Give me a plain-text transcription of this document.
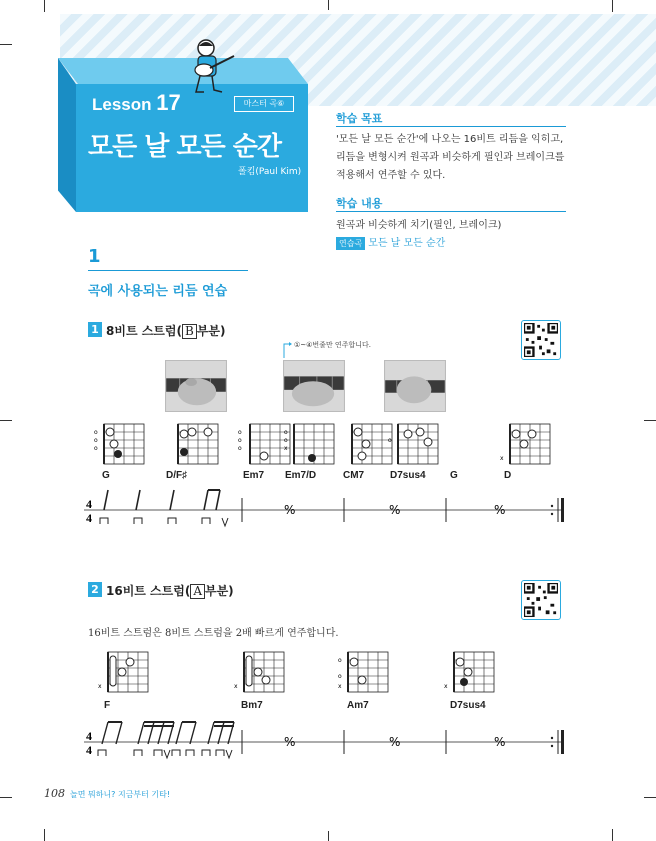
Lesson 17	마스터 곡⑥
모든 날 모든 순간
폴킴(Paul Kim)
학습 목표
'모든 날 모든 순간'에 나오는 16비트 리듬을 익히고, 리듬을 변형시켜 원곡과 비슷하게 필인과 브레이크를 적용해서 연주할 수 있다.
학습 내용
원곡과 비슷하게 치기(필인, 브레이크)
연습곡 모든 날 모든 순간
1
곡에 사용되는 리듬 연습
1 8비트 스트럼( B 부분)
①~④번줄만 연주합니다.
o
o
o
o
o
o
o
o
x
o
x
G	D/F♯	Em7 Em7/D	CM7	D7sus4 G	D
4
4
%	%	%
2 16비트 스트럼( A 부분)
16비트 스트럼은 8비트 스트럼을 2배 빠르게 연주합니다.
x	x
o
o
x	x
F	Bm7	Am7	D7sus4
4
4
%	%	%
108 놀면 뭐하니? 지금부터 기타!
